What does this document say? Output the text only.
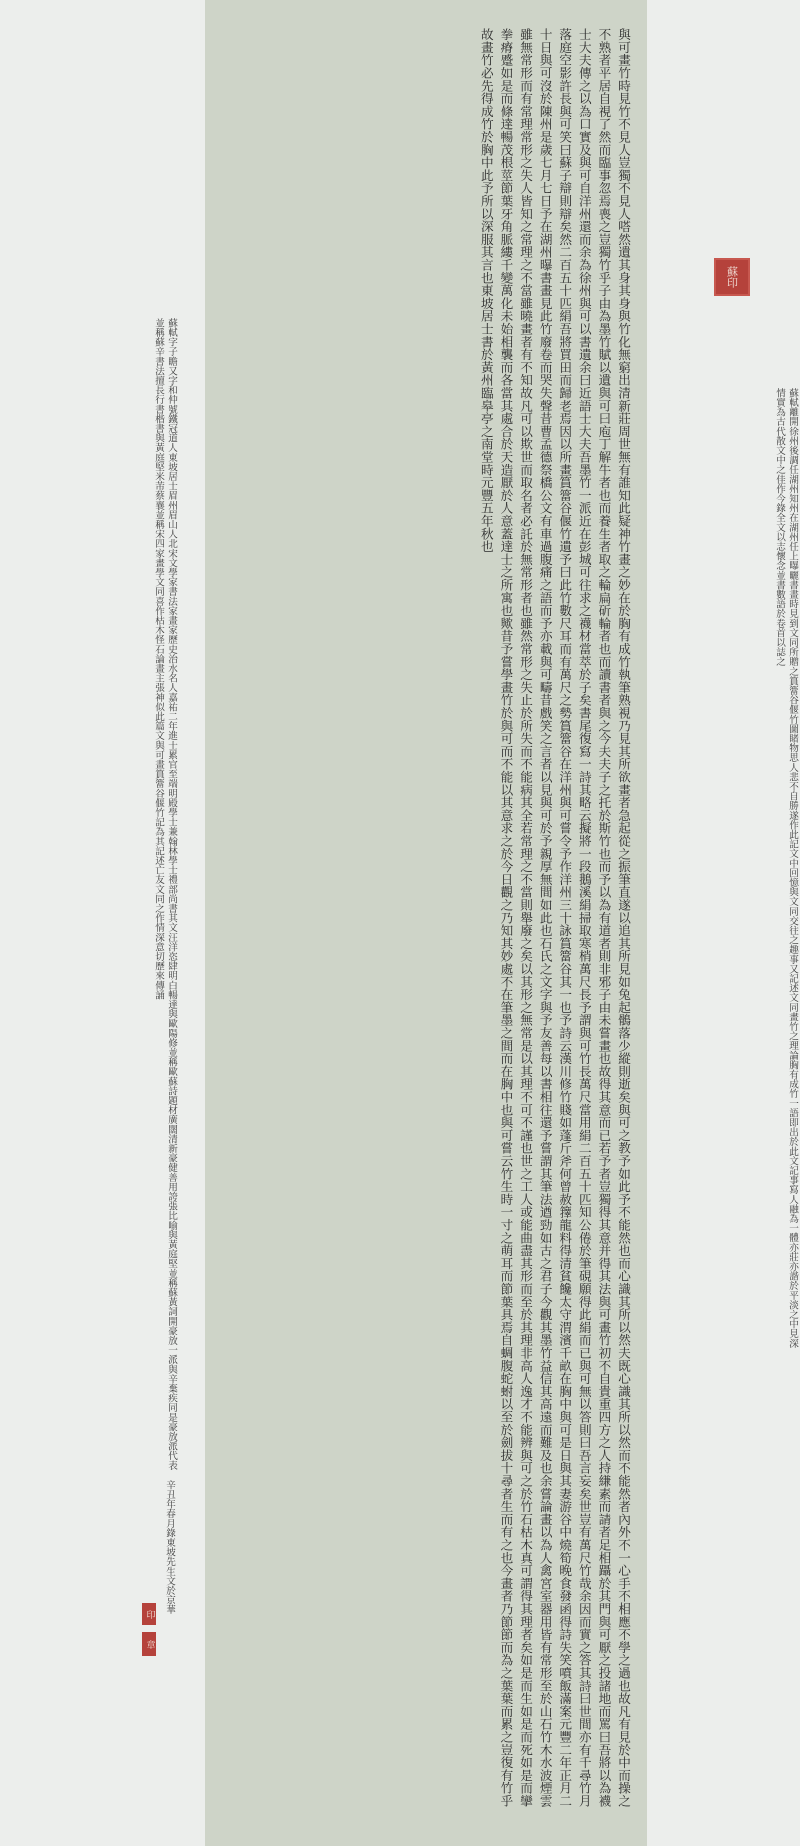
蘇軾字子瞻又字和仲號鐵冠道人東坡居士眉州眉山人北宋文學家書法家畫家歷史治水名人嘉祐二年進士累官至端明殿學士兼翰林學士禮部尚書其文汪洋恣肆明白暢達與歐陽修並稱歐蘇詩題材廣闊清新豪健善用誇張比喻與黃庭堅並稱蘇黃詞開豪放一派與辛棄疾同是豪放派代表並稱蘇辛書法擅長行書楷書與黃庭堅米芾蔡襄並稱宋四家畫學文同喜作枯木怪石論畫主張神似此篇文與可畫篔簹谷偃竹記為其記述亡友文同之作情深意切歷來傳誦
辛丑年春月錄東坡先生文於京華
印
章	與可畫竹時見竹不見人豈獨不見人嗒然遺其身其身與竹化無窮出清新莊周世無有誰知此疑神竹畫之妙在於胸有成竹執筆熟視乃見其所欲畫者急起從之振筆直遂以追其所見如兔起鶻落少縱則逝矣與可之教予如此予不能然也而心識其所以然夫既心識其所以然而不能然者內外不一心手不相應不學之過也故凡有見於中而操之不熟者平居自視了然而臨事忽焉喪之豈獨竹乎子由為墨竹賦以遺與可曰庖丁解牛者也而養生者取之輪扁斫輪者也而讀書者與之今夫夫子之托於斯竹也而予以為有道者則非邪子由未嘗畫也故得其意而已若予者豈獨得其意并得其法與可畫竹初不自貴重四方之人持縑素而請者足相躡於其門與可厭之投諸地而罵曰吾將以為襪士大夫傳之以為口實及與可自洋州還而余為徐州與可以書遺余曰近語士大夫吾墨竹一派近在彭城可往求之襪材當萃於子矣書尾復寫一詩其略云擬將一段鵝溪絹掃取寒梢萬尺長予謂與可竹長萬尺當用絹二百五十匹知公倦於筆硯願得此絹而已與可無以答則曰吾言妄矣世豈有萬尺竹哉余因而實之答其詩曰世間亦有千尋竹月落庭空影許長與可笑曰蘇子辯則辯矣然二百五十匹絹吾將買田而歸老焉因以所畫篔簹谷偃竹遺予曰此竹數尺耳而有萬尺之勢篔簹谷在洋州與可嘗令予作洋州三十詠篔簹谷其一也予詩云漢川修竹賤如蓬斤斧何曾赦籜龍料得清貧饞太守渭濱千畝在胸中與可是日與其妻游谷中燒筍晚食發函得詩失笑噴飯滿案元豐二年正月二十日與可沒於陳州是歲七月七日予在湖州曝書畫見此竹廢卷而哭失聲昔曹孟德祭橋公文有車過腹痛之語而予亦載與可疇昔戲笑之言者以見與可於予親厚無間如此也石氏之文字與予友善每以書相往還予嘗謂其筆法遒勁如古之君子今觀其墨竹益信其高遠而難及也余嘗論畫以為人禽宮室器用皆有常形至於山石竹木水波煙雲雖無常形而有常理常形之失人皆知之常理之不當雖曉畫者有不知故凡可以欺世而取名者必託於無常形者也雖然常形之失止於所失而不能病其全若常理之不當則舉廢之矣以其形之無常是以其理不可不謹也世之工人或能曲盡其形而至於其理非高人逸才不能辨與可之於竹石枯木真可謂得其理者矣如是而生如是而死如是而攣拳瘠蹙如是而條達暢茂根莖節葉牙角脈縷千變萬化未始相襲而各當其處合於天造厭於人意蓋達士之所寓也歟昔予嘗學畫竹於與可而不能以其意求之於今日觀之乃知其妙處不在筆墨之間而在胸中也與可嘗云竹生時一寸之萌耳而節葉具焉自蜩腹蛇蚹以至於劍拔十尋者生而有之也今畫者乃節節而為之葉葉而累之豈復有竹乎故畫竹必先得成竹於胸中此予所以深服其言也東坡居士書於黃州臨皋亭之南堂時元豐五年秋也	蘇印
蘇軾離開徐州後調任湖州知州在湖州任上曝曬書畫時見到文同所贈之篔簹谷偃竹圖睹物思人悲不自勝遂作此記文中回憶與文同交往之趣事又記述文同畫竹之理論胸有成竹一語即出於此文記事寫人融為一體亦莊亦諧於平淡之中見深情實為古代散文中之佳作今錄全文以志懷念並書數語於卷首以誌之
